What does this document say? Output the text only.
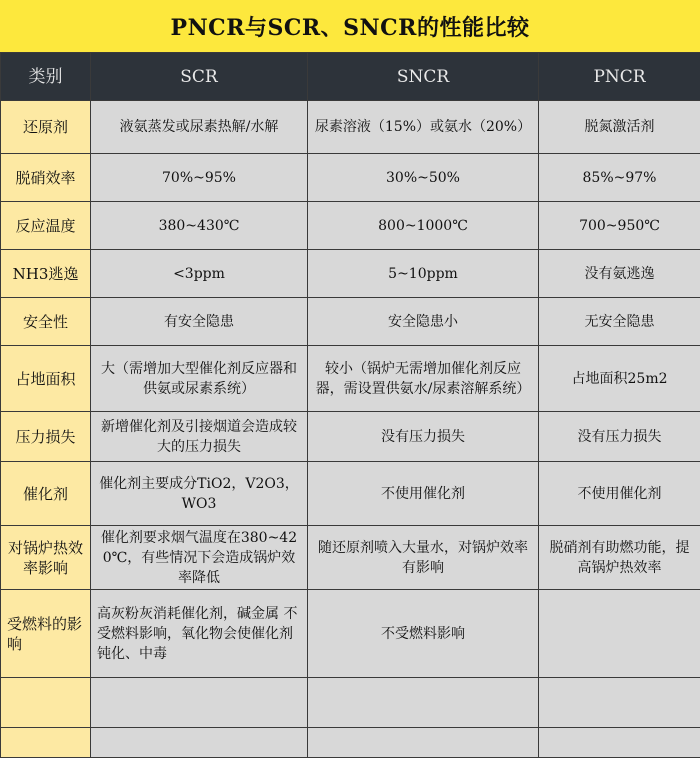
PNCR与SCR、SNCR的性能比较
类别	SCR	SNCR	PNCR
还原剂	液氨蒸发或尿素热解/水解	尿素溶液（15%）或氨水（20%）	脱氮激活剂
脱硝效率	70%~95%	30%~50%	85%~97%
反应温度	380~430℃	800~1000℃	700~950℃
NH3逃逸	<3ppm	5~10ppm	没有氨逃逸
安全性	有安全隐患	安全隐患小	无安全隐患
占地面积	大（需增加大型催化剂反应器和供氨或尿素系统）	较小（锅炉无需增加催化剂反应器，需设置供氨水/尿素溶解系统）	占地面积25m2
压力损失	新增催化剂及引接烟道会造成较大的压力损失	没有压力损失	没有压力损失
催化剂	催化剂主要成分TiO2，V2O3，WO3	不使用催化剂	不使用催化剂
对锅炉热效率影响	催化剂要求烟气温度在380~420℃，有些情况下会造成锅炉效率降低	随还原剂喷入大量水，对锅炉效率有影响	脱硝剂有助燃功能，提高锅炉热效率
受燃料的影响	高灰粉灰消耗催化剂，碱金属 不受燃料影响，氧化物会使催化剂钝化、中毒	不受燃料影响	
